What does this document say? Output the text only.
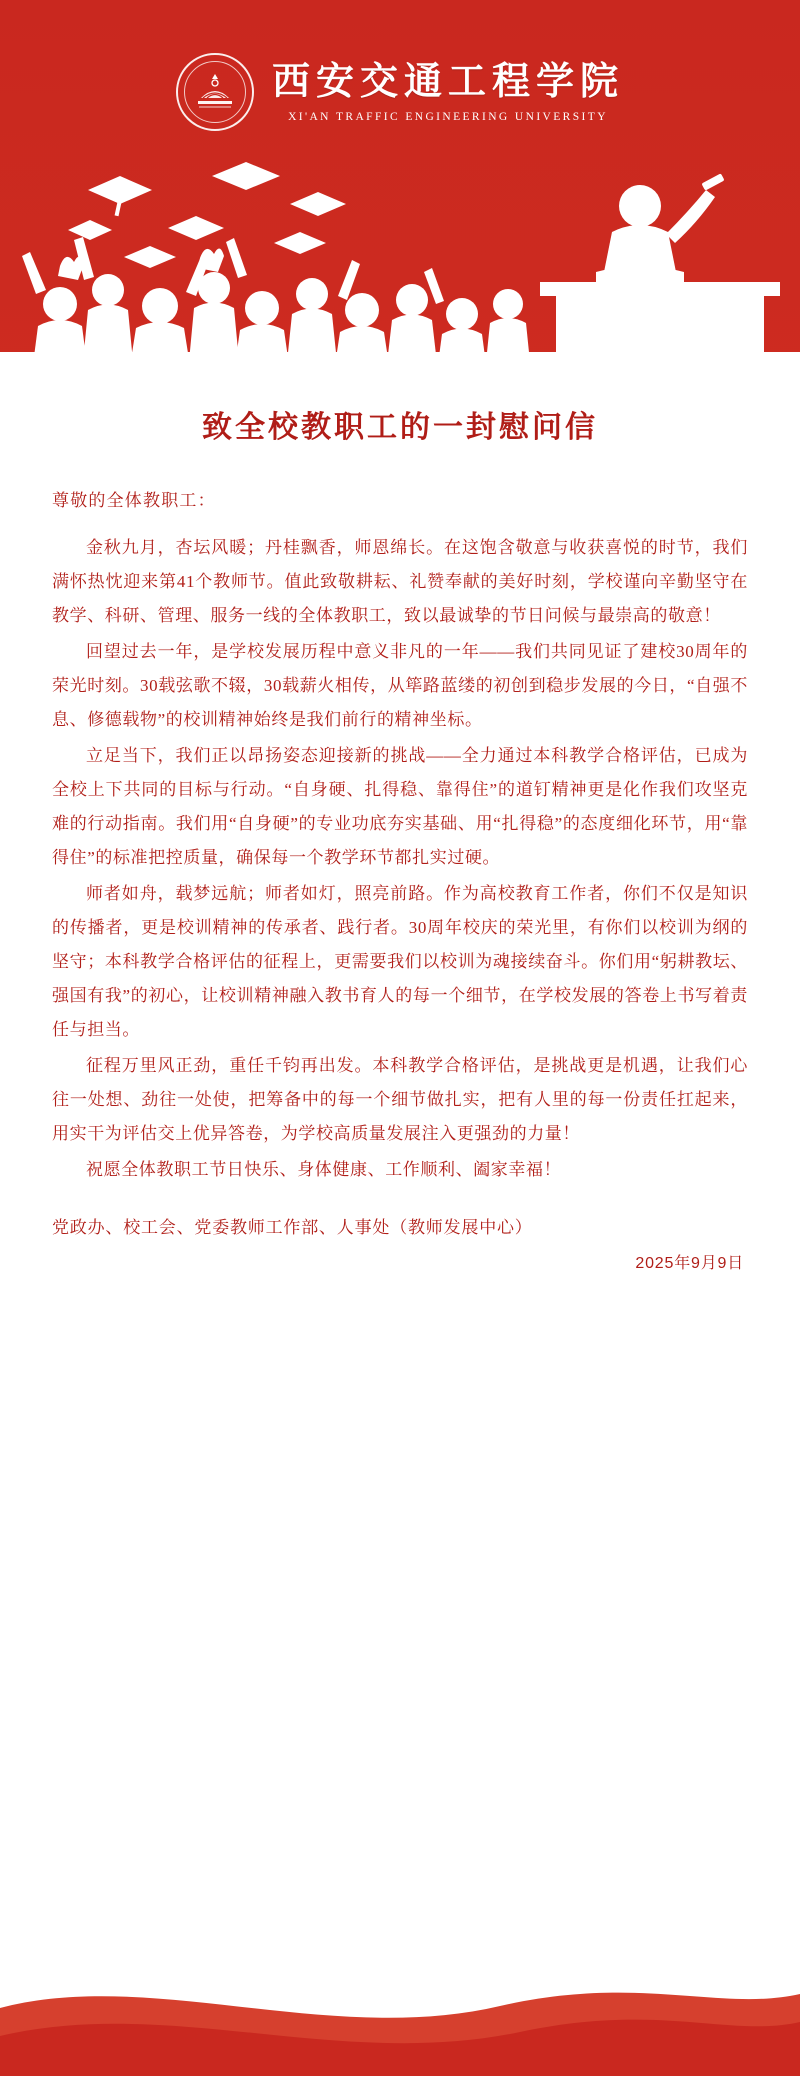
西安交通工程学院
XI'AN TRAFFIC ENGINEERING UNIVERSITY
致全校教职工的一封慰问信
尊敬的全体教职工：

金秋九月，杏坛风暖；丹桂飘香，师恩绵长。在这饱含敬意与收获喜悦的时节，我们满怀热忱迎来第41个教师节。值此致敬耕耘、礼赞奉献的美好时刻，学校谨向辛勤坚守在教学、科研、管理、服务一线的全体教职工，致以最诚挚的节日问候与最崇高的敬意！

回望过去一年，是学校发展历程中意义非凡的一年——我们共同见证了建校30周年的荣光时刻。30载弦歌不辍，30载薪火相传，从筚路蓝缕的初创到稳步发展的今日，“自强不息、修德载物”的校训精神始终是我们前行的精神坐标。

立足当下，我们正以昂扬姿态迎接新的挑战——全力通过本科教学合格评估，已成为全校上下共同的目标与行动。“自身硬、扎得稳、靠得住”的道钉精神更是化作我们攻坚克难的行动指南。我们用“自身硬”的专业功底夯实基础、用“扎得稳”的态度细化环节，用“靠得住”的标准把控质量，确保每一个教学环节都扎实过硬。

师者如舟，载梦远航；师者如灯，照亮前路。作为高校教育工作者，你们不仅是知识的传播者，更是校训精神的传承者、践行者。30周年校庆的荣光里，有你们以校训为纲的坚守；本科教学合格评估的征程上，更需要我们以校训为魂接续奋斗。你们用“躬耕教坛、强国有我”的初心，让校训精神融入教书育人的每一个细节，在学校发展的答卷上书写着责任与担当。

征程万里风正劲，重任千钧再出发。本科教学合格评估，是挑战更是机遇，让我们心往一处想、劲往一处使，把筹备中的每一个细节做扎实，把有人里的每一份责任扛起来，用实干为评估交上优异答卷，为学校高质量发展注入更强劲的力量！

祝愿全体教职工节日快乐、身体健康、工作顺利、阖家幸福！

党政办、校工会、党委教师工作部、人事处（教师发展中心）
2025年9月9日
